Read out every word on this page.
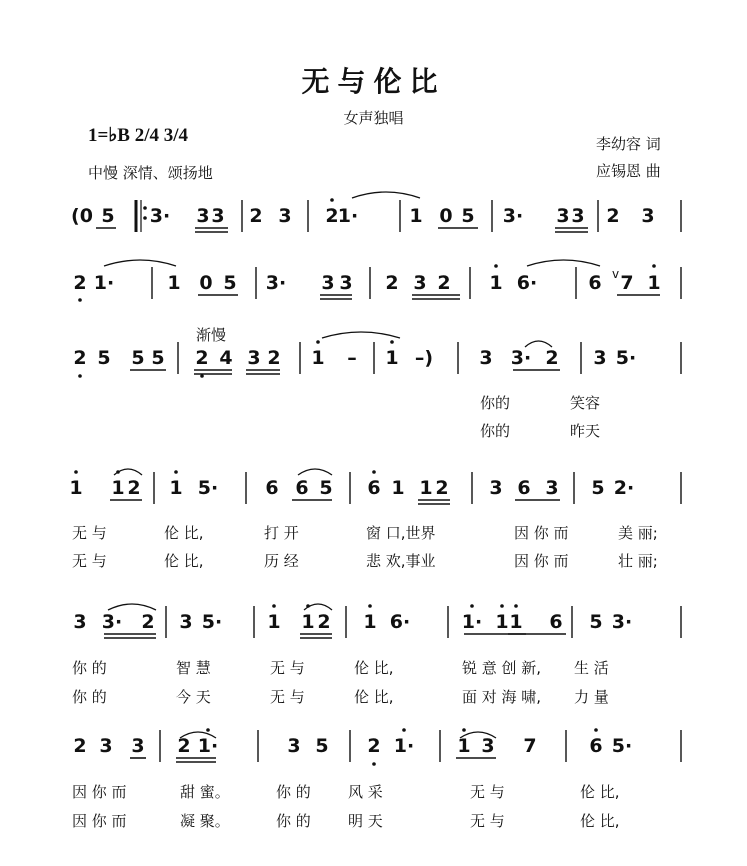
无与伦比
女声独唱
1=♭B 2/4 3/4
中慢 深情、颂扬地
李幼容 词
应锡恩 曲
渐慢
(0 5 3· 3 3 2 3 2 1·	1 0 5 3· 3 3 2 3
2 1·	1 0 5 3· 3 3 2 3 2 1 6·	6 7 1
2 5 5 5 2 4 3 2 1 – 1 –) 3 3· 2 3 5·
1 1 2 1 5· 6 6 5 6 1 1 2 3 6 3 5 2·
3 3· 2 3 5· 1 1 2 1 6·	1· 1 1 6 5 3·
2 3 3 2 1·	3 5 2 1· 1 3 7	6 5·
v
你的	笑容
你的	昨天
无 与	伦 比,	打 开	窗 口,世界	因 你 而	美 丽;
无 与	伦 比,	历 经	悲 欢,事业	因 你 而	壮 丽;
你 的	智 慧	无 与	伦 比,	锐 意 创 新, 生 活
你 的	今 天	无 与	伦 比,	面 对 海 啸, 力 量
因 你 而	甜 蜜。	你 的 风 采	无 与	伦 比,
因 你 而	凝 聚。	你 的 明 天	无 与	伦 比,
